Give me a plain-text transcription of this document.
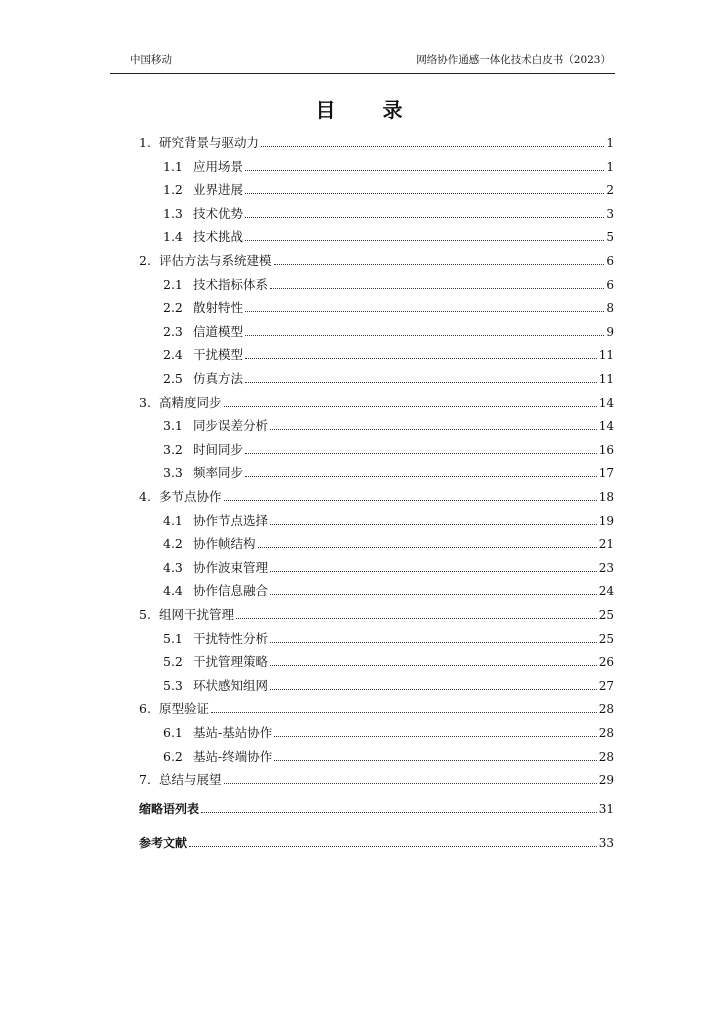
中国移动	网络协作通感一体化技术白皮书（2023）
目 录
1. 研究背景与驱动力	1
1.1 应用场景	1
1.2 业界进展	2
1.3 技术优势	3
1.4 技术挑战	5
2. 评估方法与系统建模	6
2.1 技术指标体系	6
2.2 散射特性	8
2.3 信道模型	9
2.4 干扰模型	11
2.5 仿真方法	11
3. 高精度同步	14
3.1 同步误差分析	14
3.2 时间同步	16
3.3 频率同步	17
4. 多节点协作	18
4.1 协作节点选择	19
4.2 协作帧结构	21
4.3 协作波束管理	23
4.4 协作信息融合	24
5. 组网干扰管理	25
5.1 干扰特性分析	25
5.2 干扰管理策略	26
5.3 环状感知组网	27
6. 原型验证	28
6.1 基站-基站协作	28
6.2 基站-终端协作	28
7. 总结与展望	29
缩略语列表	31
参考文献	33
